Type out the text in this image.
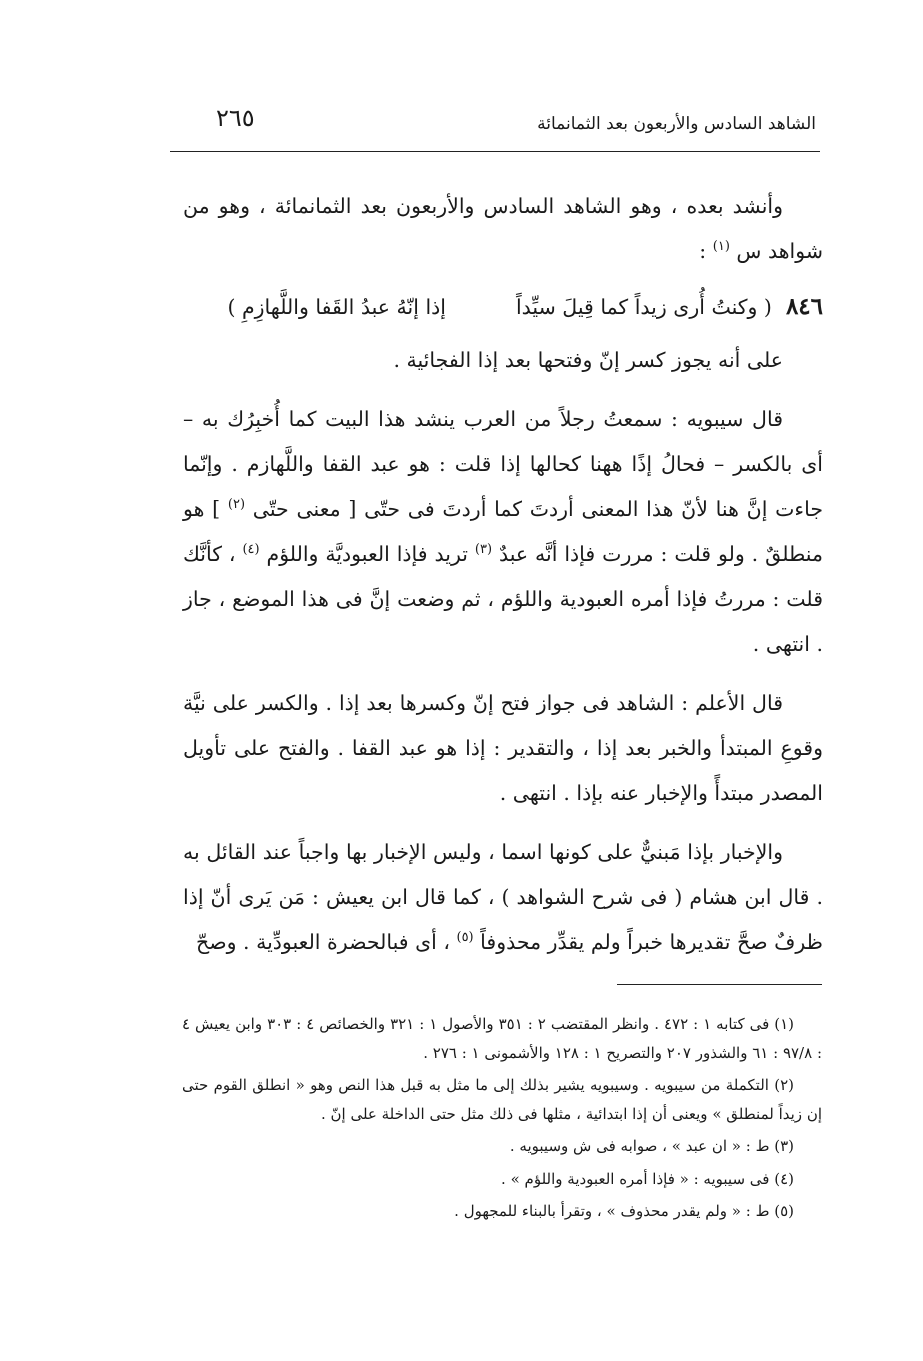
الشاهد السادس والأربعون بعد الثمانمائة
٢٦٥

وأنشد بعده ، وهو الشاهد السادس والأربعون بعد الثمانمائة ، وهو من شواهد س $^{(١)}$ :

٨٤٦
( وكنتُ أُرى زيداً كما قِيلَ سيِّداً
إذا إنّهُ عبدُ القَفا واللَّهازِمِ )

على أنه يجوز كسر إنّ وفتحها بعد إذا الفجائية .

قال سيبويه : سمعتُ رجلاً من العرب ينشد هذا البيت كما أُخبِرُك به – أى بالكسر – فحالُ إذًا ههنا كحالها إذا قلت : هو عبد القفا واللَّهازم . وإنّما جاءت إنَّ هنا لأنّ هذا المعنى أردتَ كما أردتَ فى حتّى [ معنى حتّى $^{(٢)}$ ] هو منطلقٌ . ولو قلت : مررت فإذا أنَّه عبدٌ $^{(٣)}$ تريد فإذا العبوديَّة واللؤم $^{(٤)}$ ، كأنَّك قلت : مررتُ فإذا أمره العبودية واللؤم ، ثم وضعت إنَّ فى هذا الموضع ، جاز . انتهى .

قال الأعلم : الشاهد فى جواز فتح إنّ وكسرها بعد إذا . والكسر على نيَّة وقوعِ المبتدأ والخبر بعد إذا ، والتقدير : إذا هو عبد القفا . والفتح على تأويل المصدر مبتدأً والإخبار عنه بإذا . انتهى .

والإخبار بإذا مَبنيٌّ على كونها اسما ، وليس الإخبار بها واجباً عند القائل به . قال ابن هشام ( فى شرح الشواهد ) ، كما قال ابن يعيش : مَن يَرى أنّ إذا ظرفٌ صحَّ تقديرها خبراً ولم يقدِّر محذوفاً $^{(٥)}$ ، أى فبالحضرة العبودِّية . وصحّ

(١) فى كتابه ١ : ٤٧٢ . وانظر المقتضب ٢ : ٣٥١ والأصول ١ : ٣٢١ والخصائص ٤ : ٣٠٣ وابن يعيش ٤ : ٩٧/٨ : ٦١ والشذور ٢٠٧ والتصريح ١ : ١٢٨ والأشمونى ١ : ٢٧٦ .

(٢) التكملة من سيبويه . وسيبويه يشير بذلك إلى ما مثل به قبل هذا النص وهو « انطلق القوم حتى إن زيداً لمنطلق » ويعنى أن إذا ابتدائية ، مثلها فى ذلك مثل حتى الداخلة على إنّ .

(٣) ط : « ان عبد » ، صوابه فى ش وسيبويه .

(٤) فى سيبويه : « فإذا أمره العبودية واللؤم » .

(٥) ط : « ولم يقدر محذوف » ، وتقرأ بالبناء للمجهول .
